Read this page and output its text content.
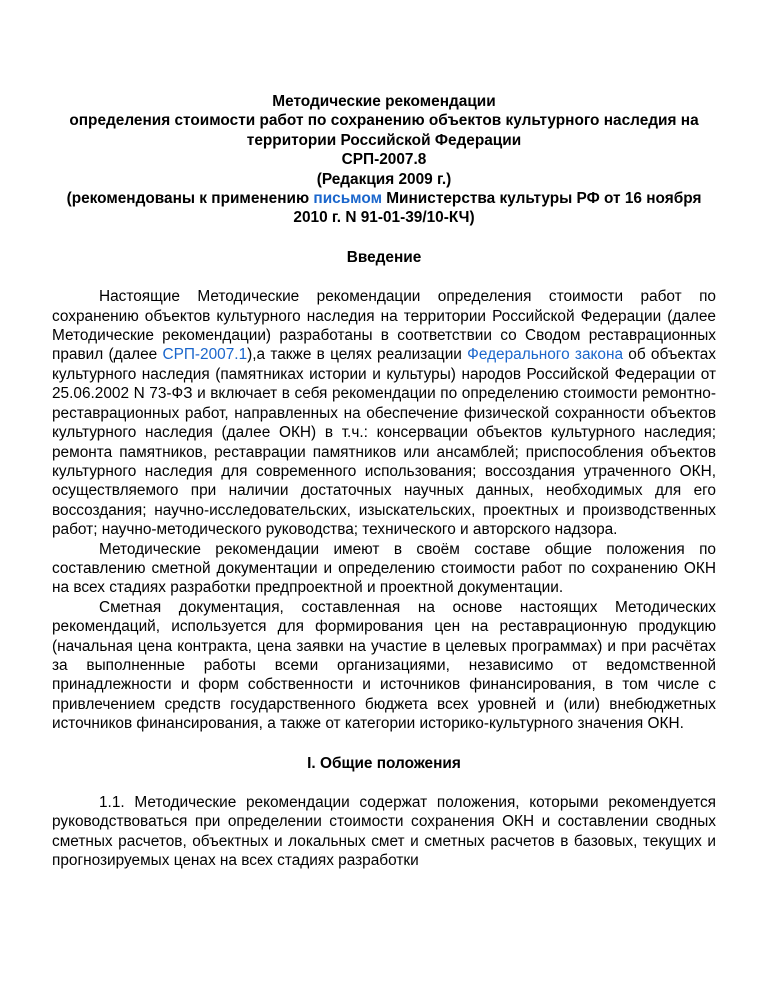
Методические рекомендации

определения стоимости работ по сохранению объектов культурного наследия на территории Российской Федерации

СРП-2007.8

(Редакция 2009 г.)

(рекомендованы к применению письмом Министерства культуры РФ от 16 ноября 2010 г. N 91-01-39/10-КЧ)

Введение

Настоящие Методические рекомендации определения стоимости работ по сохранению объектов культурного наследия на территории Российской Федерации (далее Методические рекомендации) разработаны в соответствии со Сводом реставрационных правил (далее СРП-2007.1),а также в целях реализации Федерального закона об объектах культурного наследия (памятниках истории и культуры) народов Российской Федерации от 25.06.2002 N 73-ФЗ и включает в себя рекомендации по определению стоимости ремонтно-реставрационных работ, направленных на обеспечение физической сохранности объектов культурного наследия (далее ОКН) в т.ч.: консервации объектов культурного наследия; ремонта памятников, реставрации памятников или ансамблей; приспособления объектов культурного наследия для современного использования; воссоздания утраченного ОКН, осуществляемого при наличии достаточных научных данных, необходимых для его воссоздания; научно-исследовательских, изыскательских, проектных и производственных работ; научно-методического руководства; технического и авторского надзора.

Методические рекомендации имеют в своём составе общие положения по составлению сметной документации и определению стоимости работ по сохранению ОКН на всех стадиях разработки предпроектной и проектной документации.

Сметная документация, составленная на основе настоящих Методических рекомендаций, используется для формирования цен на реставрационную продукцию (начальная цена контракта, цена заявки на участие в целевых программах) и при расчётах за выполненные работы всеми организациями, независимо от ведомственной принадлежности и форм собственности и источников финансирования, в том числе с привлечением средств государственного бюджета всех уровней и (или) внебюджетных источников финансирования, а также от категории историко-культурного значения ОКН.

I. Общие положения

1.1. Методические рекомендации содержат положения, которыми рекомендуется руководствоваться при определении стоимости сохранения ОКН и составлении сводных сметных расчетов, объектных и локальных смет и сметных расчетов в базовых, текущих и прогнозируемых ценах на всех стадиях разработки
